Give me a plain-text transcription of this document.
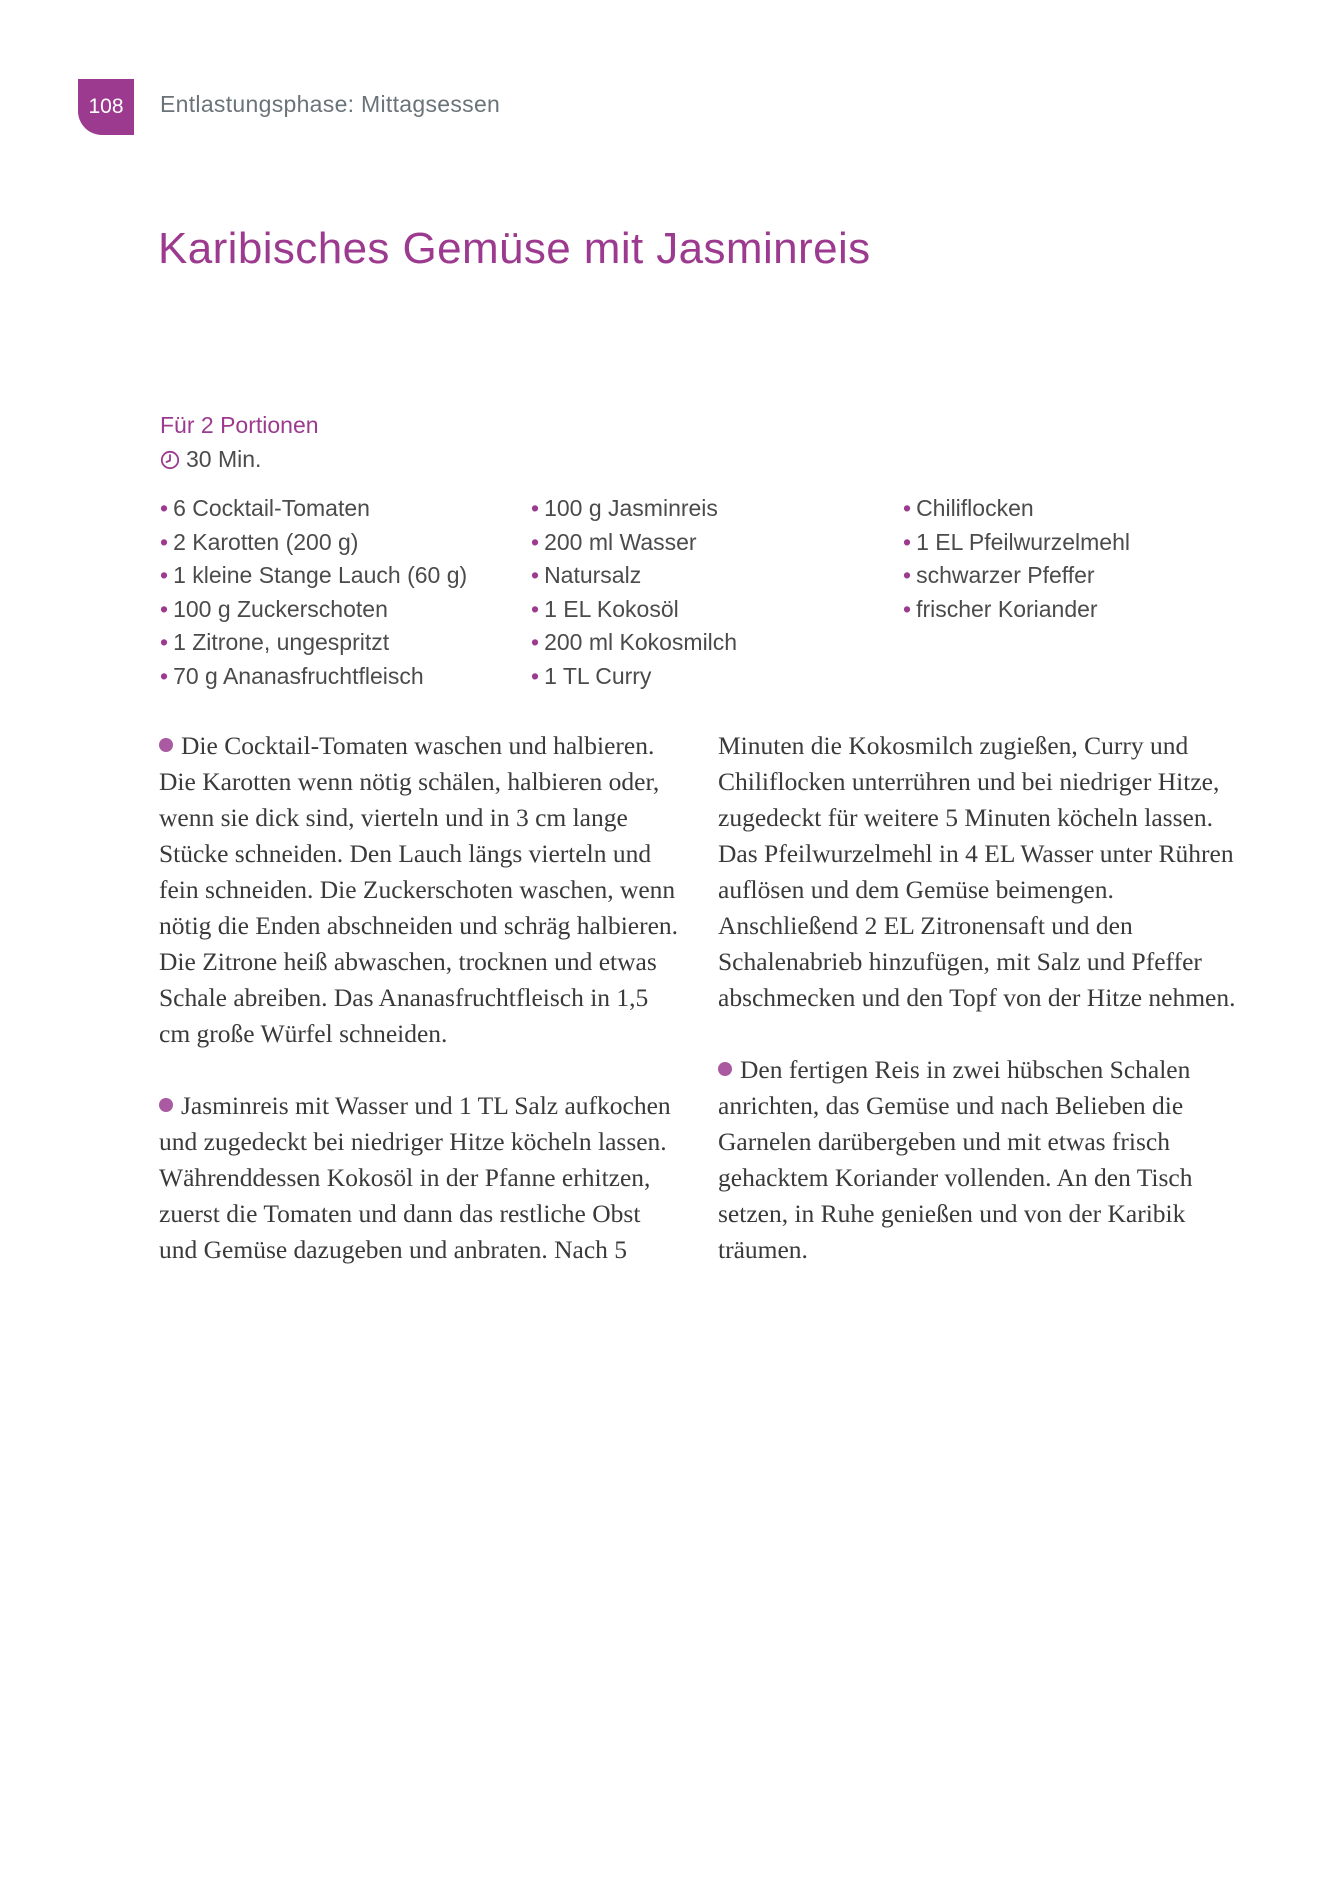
108	Entlastungsphase: Mittagsessen
Karibisches Gemüse mit Jasminreis
Für 2 Portionen
30 Min.
• 6 Cocktail-Tomaten
• 2 Karotten (200 g)
• 1 kleine Stange Lauch (60 g)
• 100 g Zuckerschoten
• 1 Zitrone, ungespritzt
• 70 g Ananasfruchtfleisch
• 100 g Jasminreis
• 200 ml Wasser
• Natursalz
• 1 EL Kokosöl
• 200 ml Kokosmilch
• 1 TL Curry
• Chiliflocken
• 1 EL Pfeilwurzelmehl
• schwarzer Pfeffer
• frischer Koriander

Die Cocktail-Tomaten waschen und halbieren. Die Karotten wenn nötig schälen, halbieren oder, wenn sie dick sind, vierteln und in 3 cm lange Stücke schneiden. Den Lauch längs vierteln und fein schneiden. Die Zuckerschoten waschen, wenn nötig die Enden abschneiden und schräg halbieren. Die Zitrone heiß abwaschen, trocknen und etwas Schale abreiben. Das Ananasfruchtfleisch in 1,5 cm große Würfel schneiden.

Jasminreis mit Wasser und 1 TL Salz aufkochen und zugedeckt bei niedriger Hitze köcheln lassen. Währenddessen Kokosöl in der Pfanne erhitzen, zuerst die Tomaten und dann das restliche Obst und Gemüse dazugeben und anbraten. Nach 5

Minuten die Kokosmilch zugießen, Curry und Chiliflocken unterrühren und bei niedriger Hitze, zugedeckt für weitere 5 Minuten köcheln lassen. Das Pfeilwurzelmehl in 4 EL Wasser unter Rühren auflösen und dem Gemüse beimengen. Anschließend 2 EL Zitronensaft und den Schalenabrieb hinzufügen, mit Salz und Pfeffer abschmecken und den Topf von der Hitze nehmen.

Den fertigen Reis in zwei hübschen Schalen anrichten, das Gemüse und nach Belieben die Garnelen darübergeben und mit etwas frisch gehacktem Koriander vollenden. An den Tisch setzen, in Ruhe genießen und von der Karibik träumen.
